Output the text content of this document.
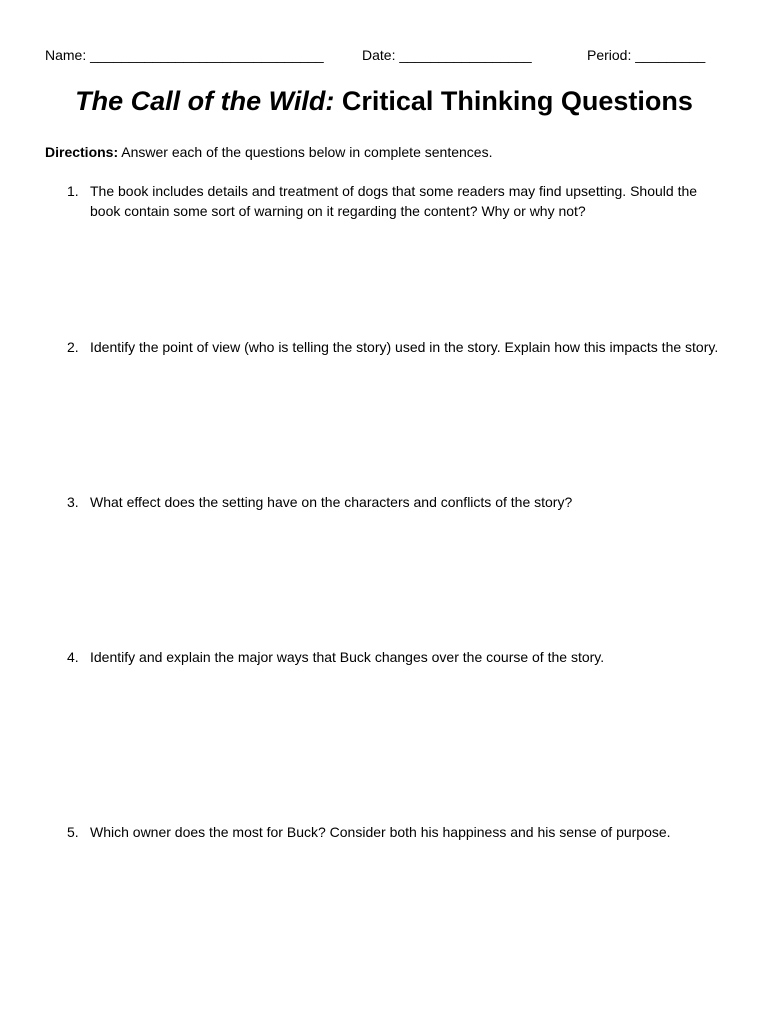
Name: ______________________________	Date: _________________	Period: _________
The Call of the Wild: Critical Thinking Questions
Directions: Answer each of the questions below in complete sentences.
1. The book includes details and treatment of dogs that some readers may find upsetting. Should the book contain some sort of warning on it regarding the content? Why or why not?
2. Identify the point of view (who is telling the story) used in the story. Explain how this impacts the story.
3. What effect does the setting have on the characters and conflicts of the story?
4. Identify and explain the major ways that Buck changes over the course of the story.
5. Which owner does the most for Buck? Consider both his happiness and his sense of purpose.
